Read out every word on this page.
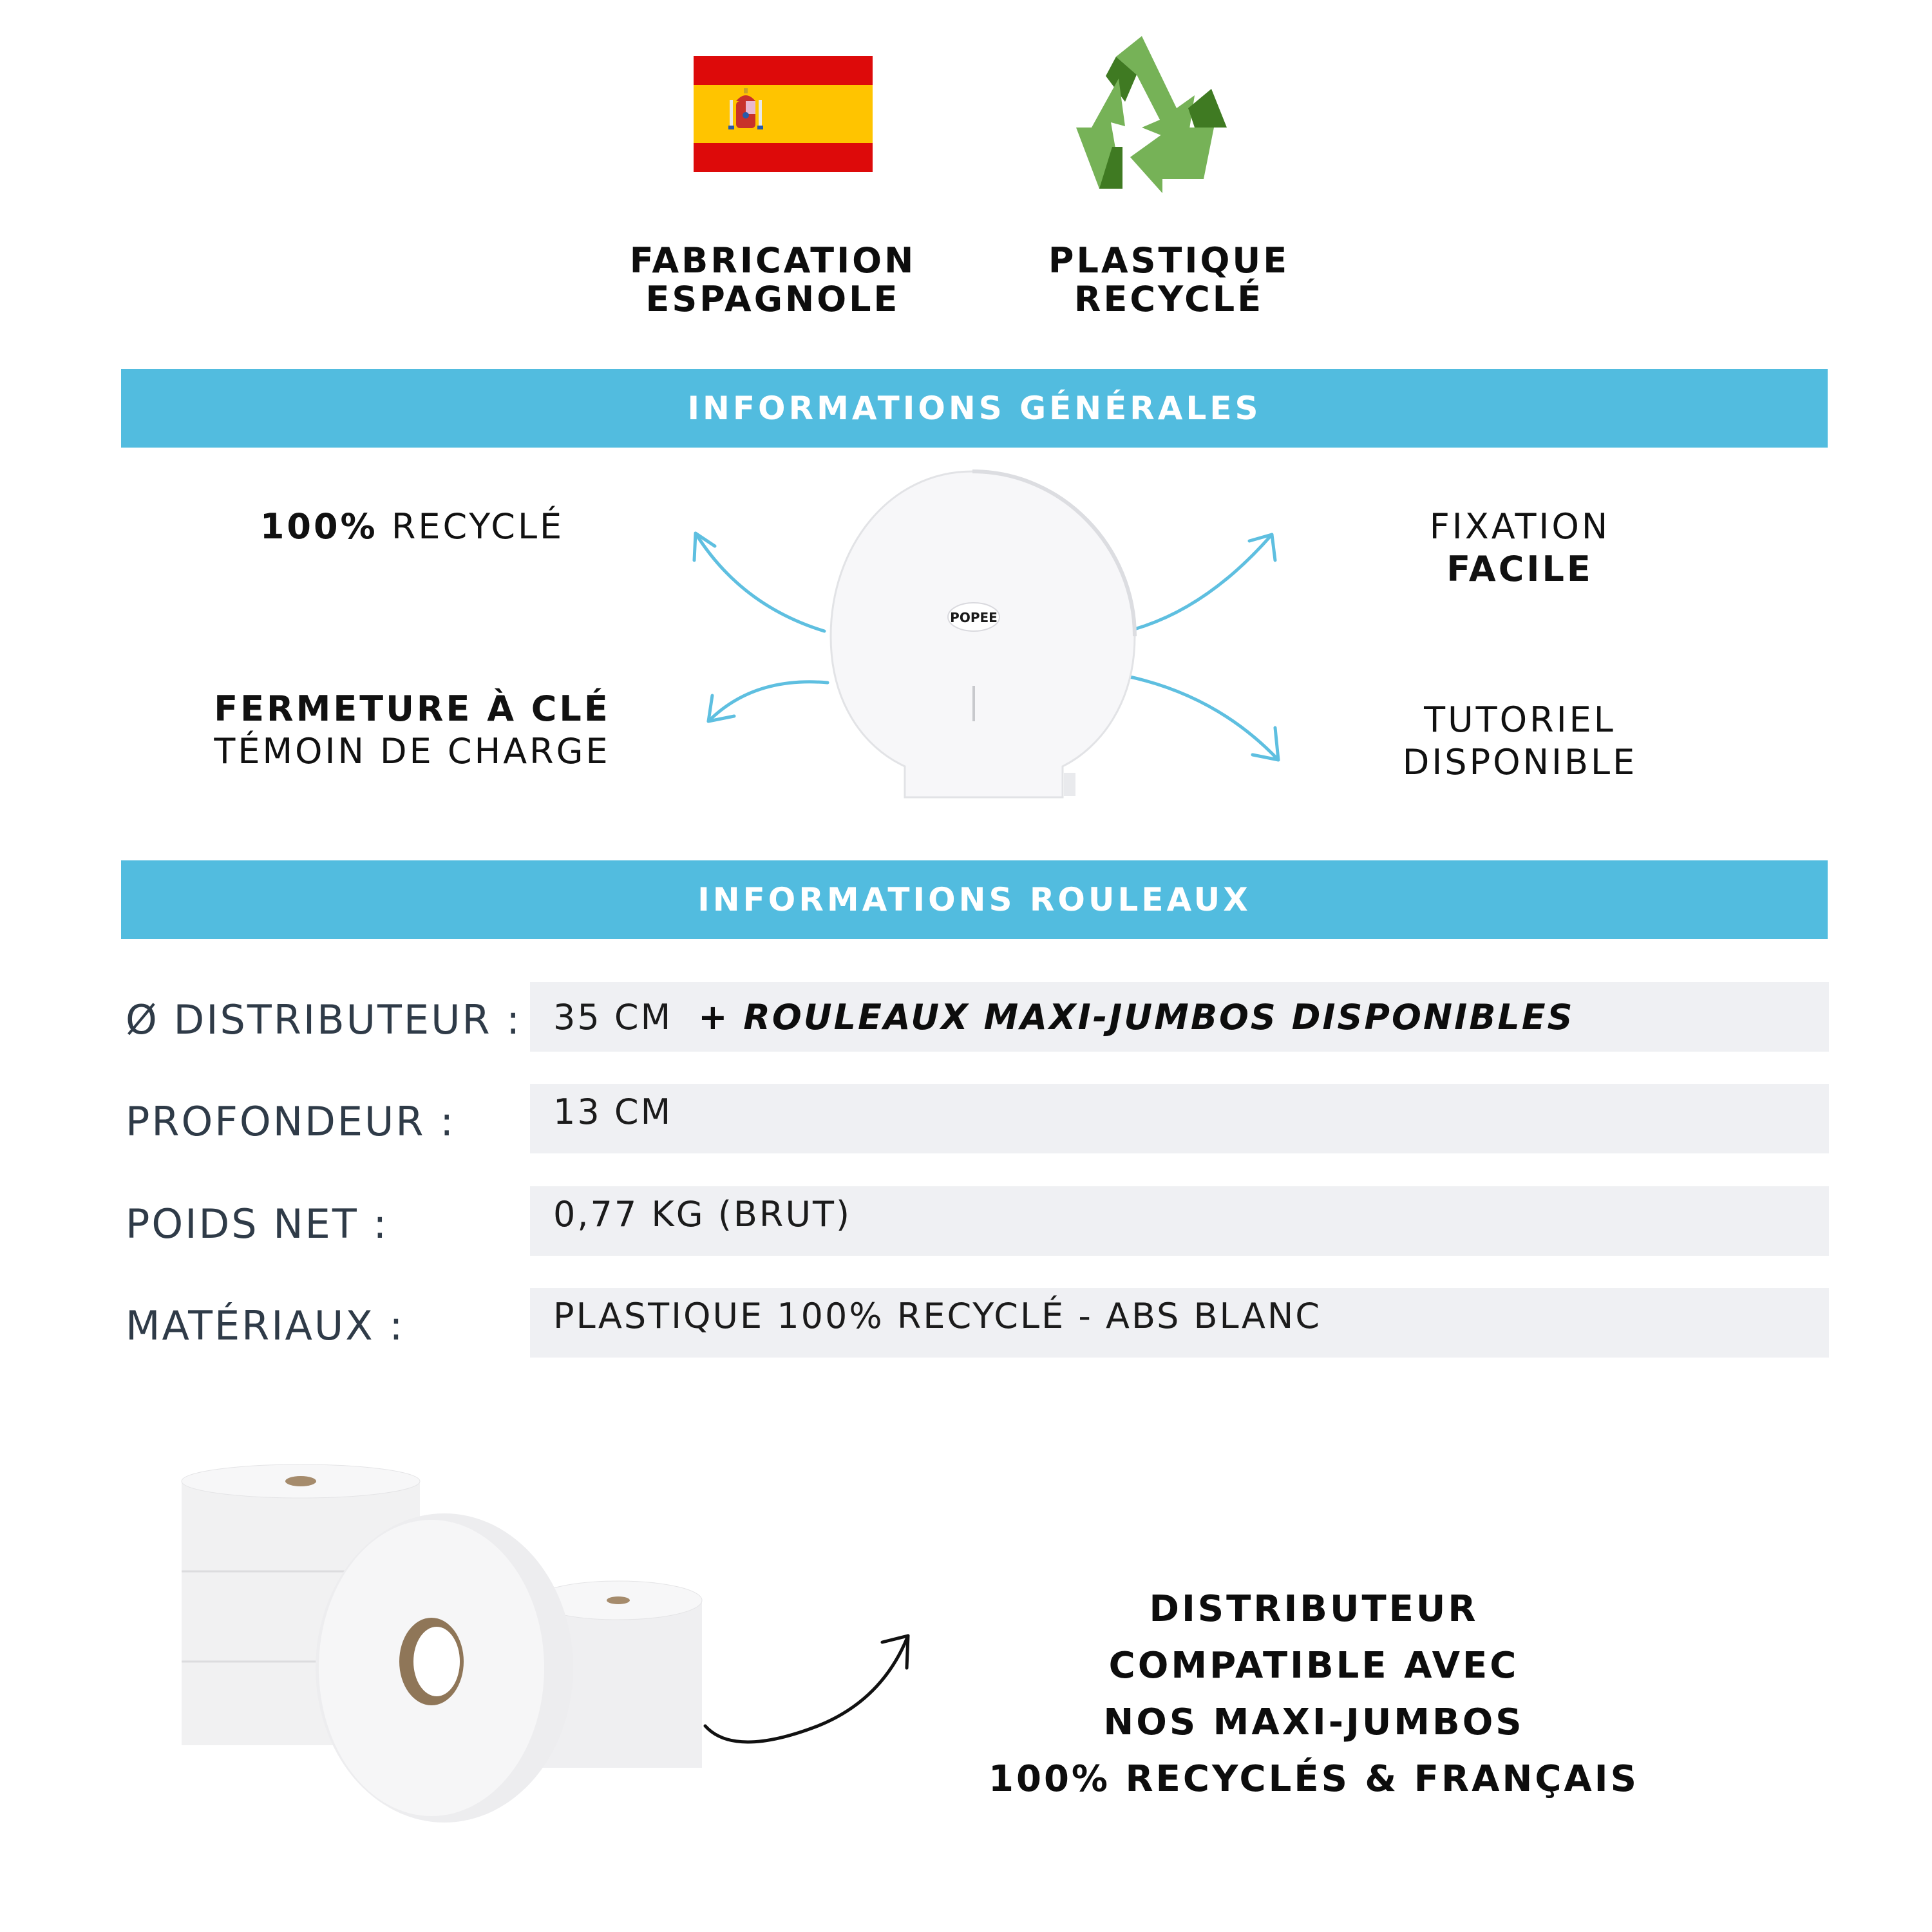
FABRICATION
ESPAGNOLE
PLASTIQUE
RECYCLÉ
INFORMATIONS GÉNÉRALES
100% RECYCLÉ
FERMETURE À CLÉ
TÉMOIN DE CHARGE
FIXATION
FACILE
TUTORIEL
DISPONIBLE
POPEE
INFORMATIONS ROULEAUX
Ø DISTRIBUTEUR : 35 CM + ROULEAUX MAXI-JUMBOS DISPONIBLES
PROFONDEUR :	13 CM
POIDS NET :	0,77 KG (BRUT)
MATÉRIAUX :	PLASTIQUE 100% RECYCLÉ - ABS BLANC
DISTRIBUTEUR
COMPATIBLE AVEC
NOS MAXI-JUMBOS
100% RECYCLÉS & FRANÇAIS
